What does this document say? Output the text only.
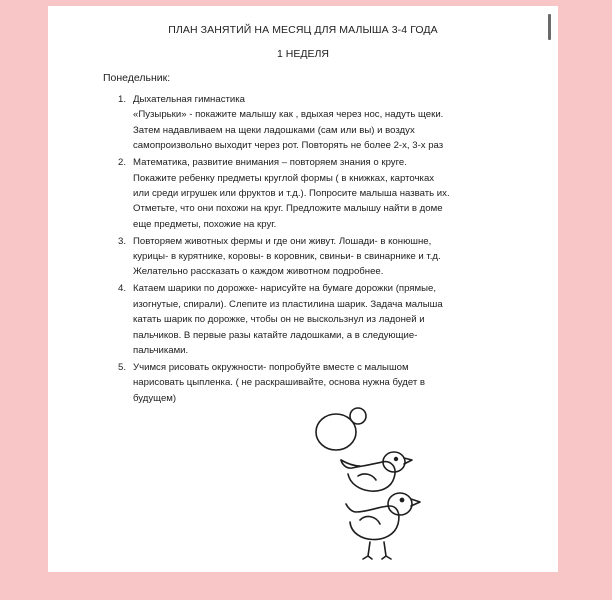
ПЛАН ЗАНЯТИЙ НА МЕСЯЦ ДЛЯ МАЛЫША 3-4 ГОДА
1 НЕДЕЛЯ
Понедельник:
1. Дыхательная гимнастика
«Пузырьки» - покажите малышу как , вдыхая через нос, надуть щеки.
Затем надавливаем на щеки ладошками (сам или вы) и воздух
самопроизвольно выходит через рот. Повторять не более 2-х, 3-х раз
2. Математика, развитие внимания – повторяем знания о круге.
Покажите ребенку предметы круглой формы ( в книжках, карточках
или среди игрушек или фруктов и т.д.). Попросите малыша назвать их.
Отметьте, что они похожи на круг. Предложите малышу найти в доме
еще предметы, похожие на круг.
3. Повторяем животных фермы и где они живут. Лошади- в конюшне,
курицы- в курятнике, коровы- в коровник, свиньи- в свинарнике и т.д.
Желательно рассказать о каждом животном подробнее.
4. Катаем шарики по дорожке- нарисуйте на бумаге дорожки (прямые,
изогнутые, спирали). Слепите из пластилина шарик. Задача малыша
катать шарик по дорожке, чтобы он не выскользнул из ладоней и
пальчиков. В первые разы катайте ладошками, а в следующие-
пальчиками.
5. Учимся рисовать окружности- попробуйте вместе с малышом
нарисовать цыпленка. ( не раскрашивайте, основа нужна будет в
будущем)
